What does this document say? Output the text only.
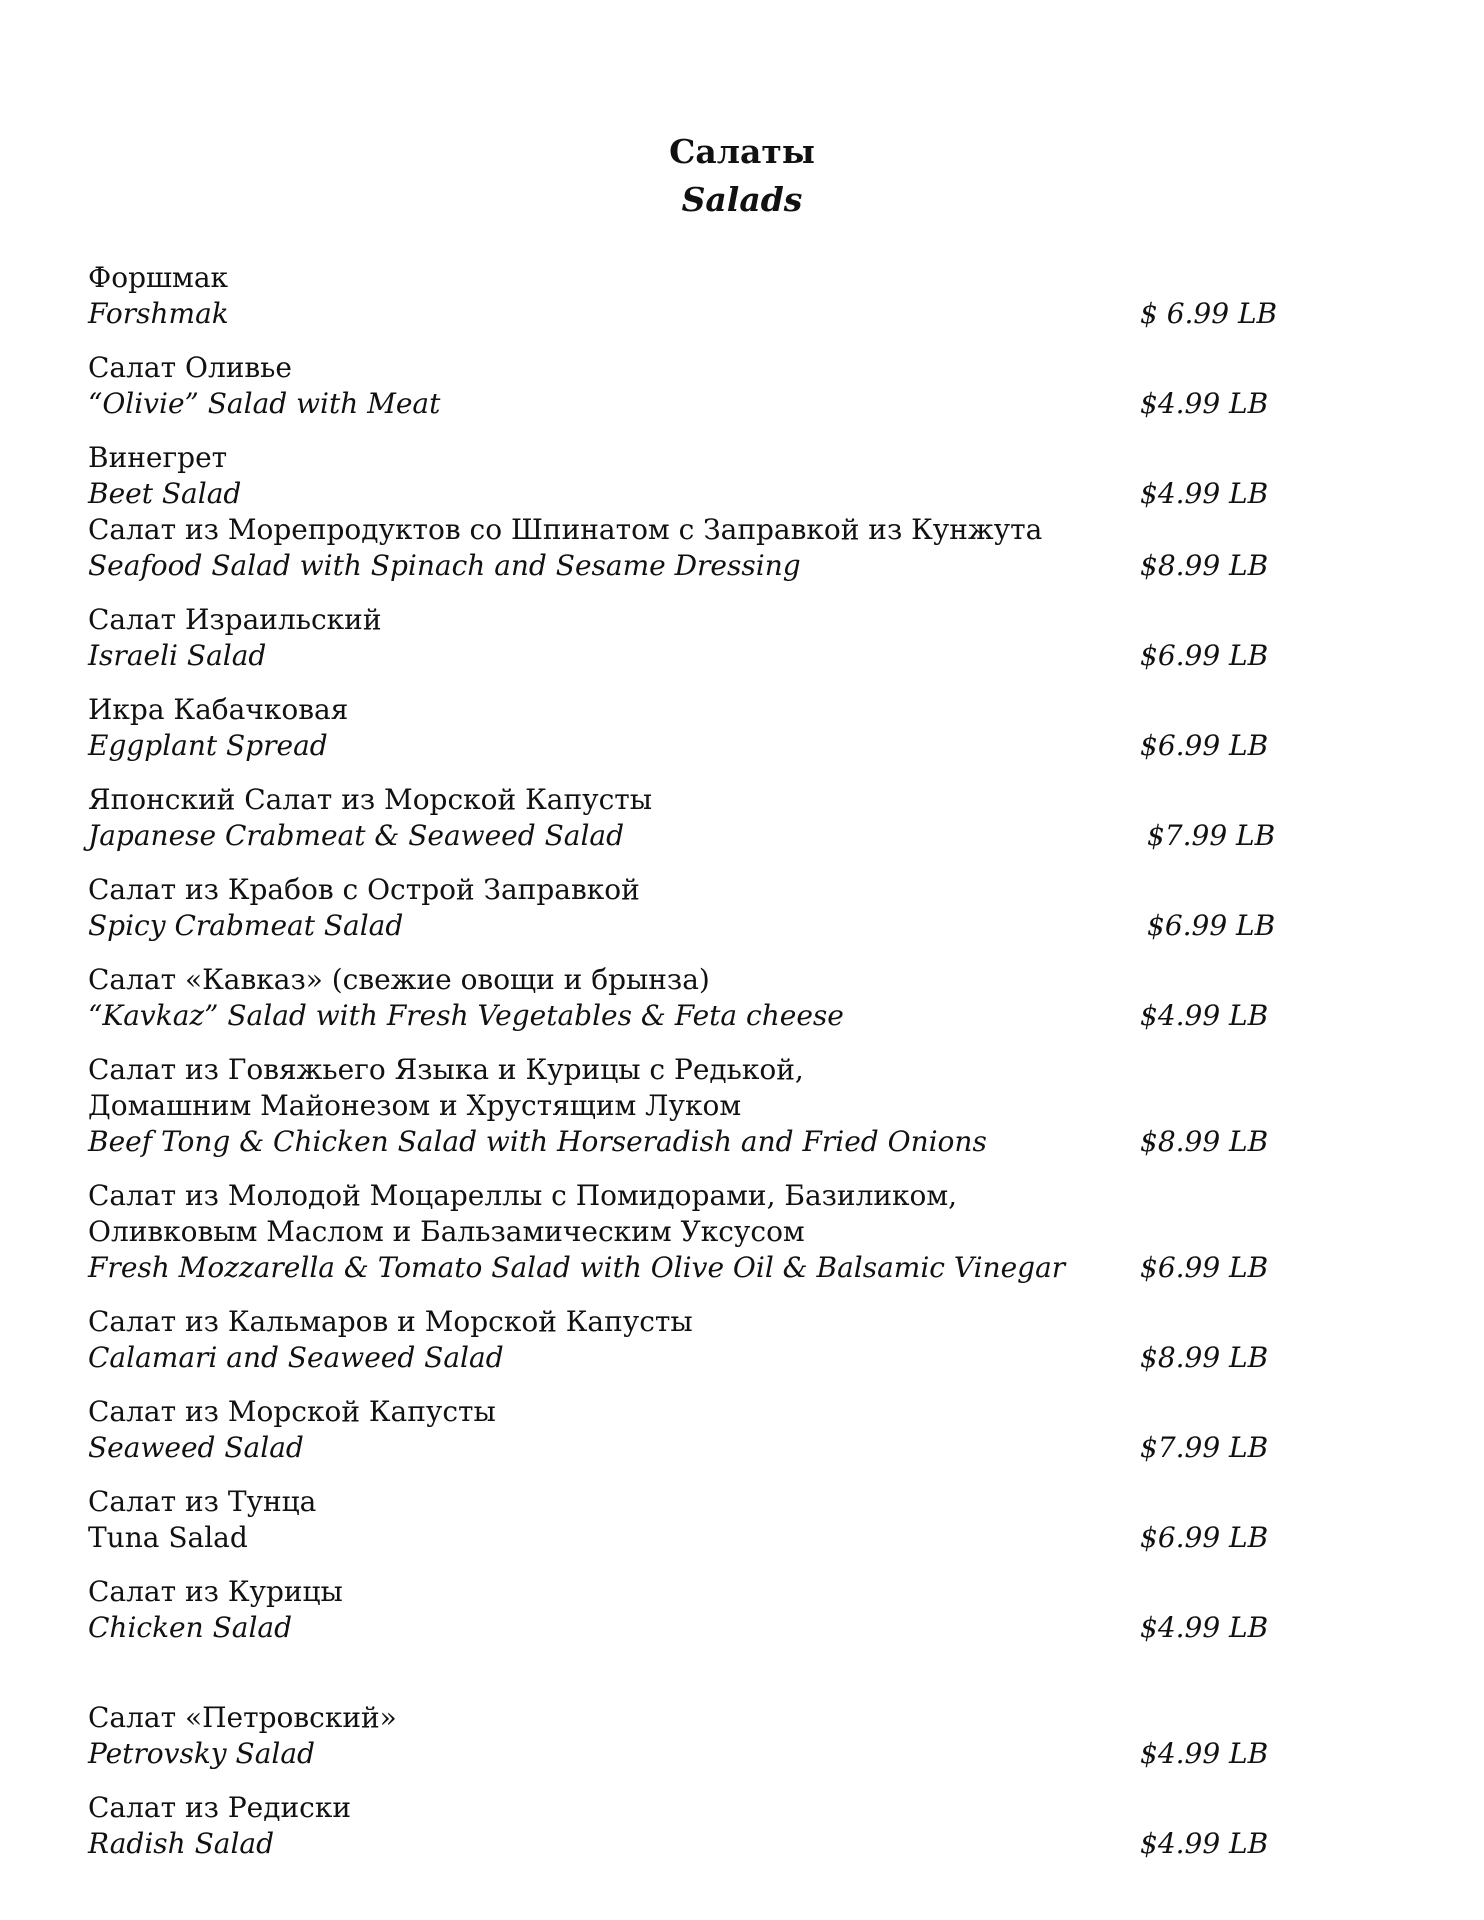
Салаты
Salads
Форшмак
Forshmak	$ 6.99 LB
Салат Оливье
“Olivie” Salad with Meat	$4.99 LB
Винегрет
Beet Salad	$4.99 LB
Салат из Морепродуктов со Шпинатом с Заправкой из Кунжута
Seafood Salad with Spinach and Sesame Dressing	$8.99 LB
Салат Израильский
Israeli Salad	$6.99 LB
Икра Кабачковая
Eggplant Spread	$6.99 LB
Японский Салат из Морской Капусты
Japanese Crabmeat & Seaweed Salad	$7.99 LB
Салат из Крабов с Острой Заправкой
Spicy Crabmeat Salad	$6.99 LB
Салат «Кавказ» (свежие овощи и брынза)
“Kavkaz” Salad with Fresh Vegetables & Feta cheese	$4.99 LB
Салат из Говяжьего Языка и Курицы с Редькой,
Домашним Майонезом и Хрустящим Луком
Beef Tong & Chicken Salad with Horseradish and Fried Onions	$8.99 LB
Салат из Молодой Моцареллы с Помидорами, Базиликом,
Оливковым Маслом и Бальзамическим Уксусом
Fresh Mozzarella & Tomato Salad with Olive Oil & Balsamic Vinegar	$6.99 LB
Салат из Кальмаров и Морской Капусты
Calamari and Seaweed Salad	$8.99 LB
Салат из Морской Капусты
Seaweed Salad	$7.99 LB
Салат из Тунца
Tuna Salad	$6.99 LB
Салат из Курицы
Chicken Salad	$4.99 LB
Салат «Петровский»
Petrovsky Salad	$4.99 LB
Салат из Редиски
Radish Salad	$4.99 LB
